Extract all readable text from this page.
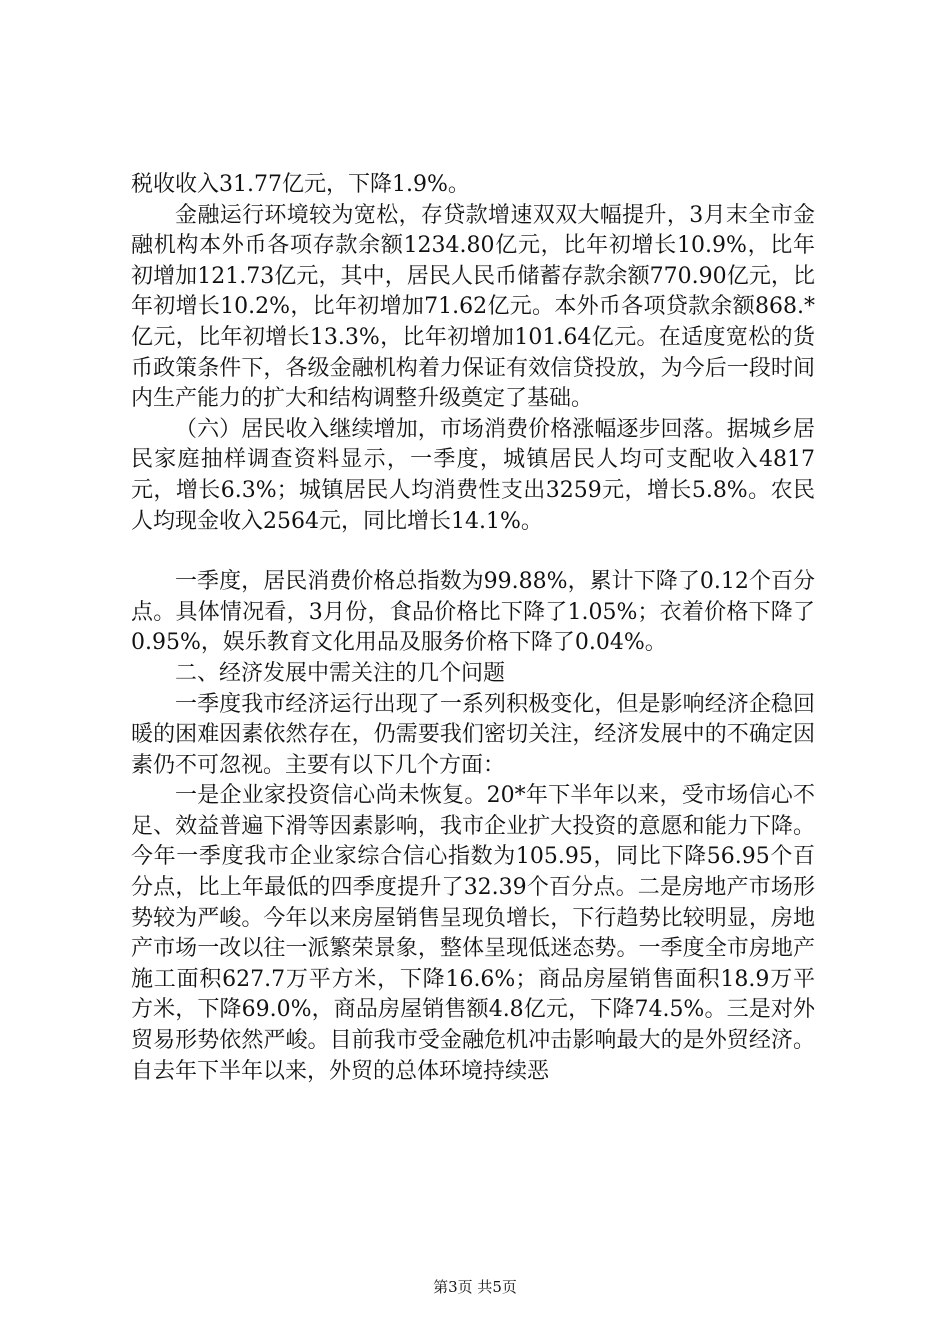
税收收入31.77亿元，下降1.9%。

金融运行环境较为宽松，存贷款增速双双大幅提升，3月末全市金融机构本外币各项存款余额1234.80亿元，比年初增长10.9%，比年初增加121.73亿元，其中，居民人民币储蓄存款余额770.90亿元，比年初增长10.2%，比年初增加71.62亿元。本外币各项贷款余额868.*亿元，比年初增长13.3%，比年初增加101.64亿元。在适度宽松的货币政策条件下，各级金融机构着力保证有效信贷投放，为今后一段时间内生产能力的扩大和结构调整升级奠定了基础。

（六）居民收入继续增加，市场消费价格涨幅逐步回落。据城乡居民家庭抽样调查资料显示，一季度，城镇居民人均可支配收入4817元，增长6.3%；城镇居民人均消费性支出3259元，增长5.8%。农民人均现金收入2564元，同比增长14.1%。

一季度，居民消费价格总指数为99.88%，累计下降了0.12个百分点。具体情况看，3月份，食品价格比下降了1.05%；衣着价格下降了0.95%，娱乐教育文化用品及服务价格下降了0.04%。

二、经济发展中需关注的几个问题

一季度我市经济运行出现了一系列积极变化，但是影响经济企稳回暖的困难因素依然存在，仍需要我们密切关注，经济发展中的不确定因素仍不可忽视。主要有以下几个方面：

一是企业家投资信心尚未恢复。20*年下半年以来，受市场信心不足、效益普遍下滑等因素影响，我市企业扩大投资的意愿和能力下降。今年一季度我市企业家综合信心指数为105.95，同比下降56.95个百分点，比上年最低的四季度提升了32.39个百分点。二是房地产市场形势较为严峻。今年以来房屋销售呈现负增长，下行趋势比较明显，房地产市场一改以往一派繁荣景象，整体呈现低迷态势。一季度全市房地产施工面积627.7万平方米，下降16.6%；商品房屋销售面积18.9万平方米，下降69.0%，商品房屋销售额4.8亿元，下降74.5%。三是对外贸易形势依然严峻。目前我市受金融危机冲击影响最大的是外贸经济。自去年下半年以来，外贸的总体环境持续恶

第3页 共5页
